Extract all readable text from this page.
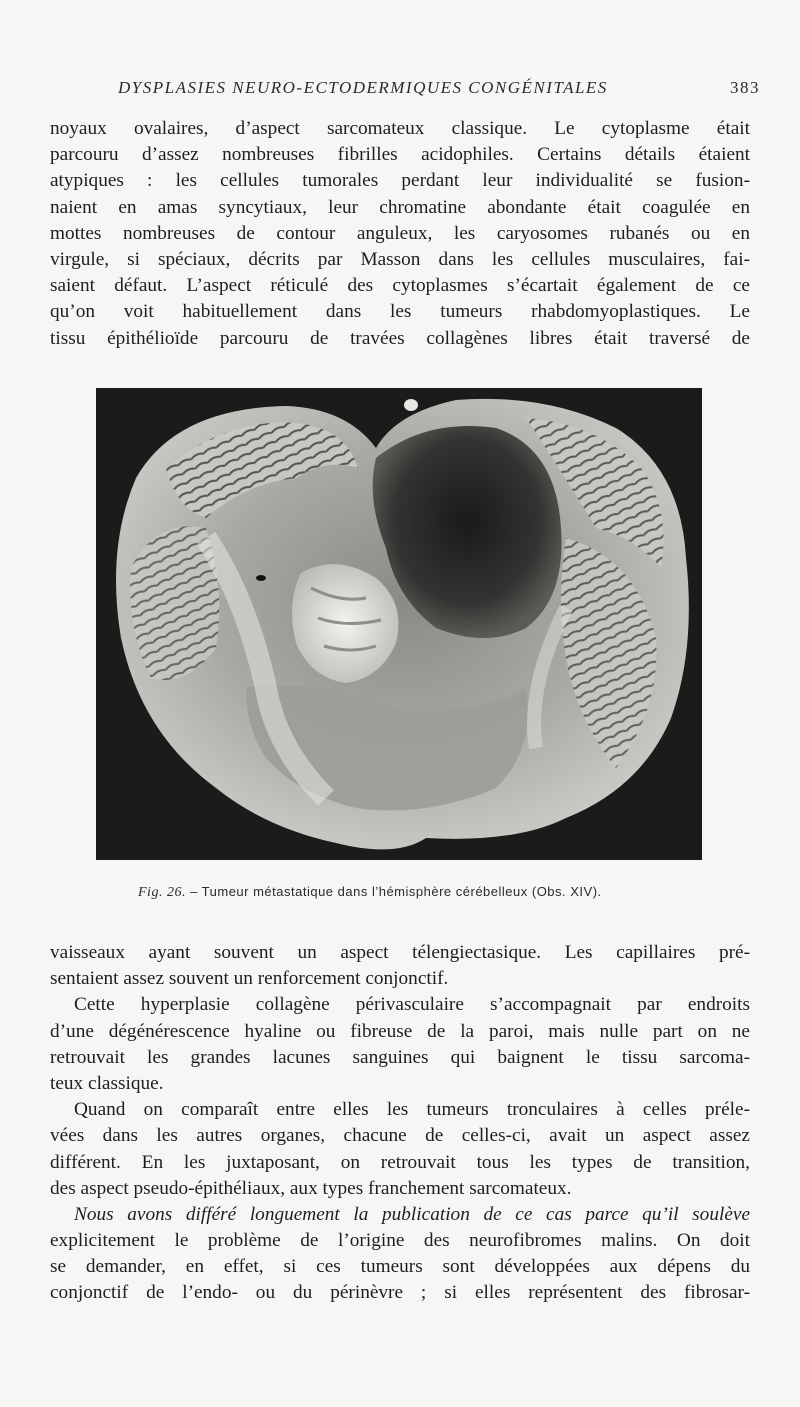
DYSPLASIES NEURO-ECTODERMIQUES CONGÉNITALES	383
noyaux ovalaires, d’aspect sarcomateux classique. Le cytoplasme était
parcouru d’assez nombreuses fibrilles acidophiles. Certains détails étaient
atypiques : les cellules tumorales perdant leur individualité se fusion-
naient en amas syncytiaux, leur chromatine abondante était coagulée en
mottes nombreuses de contour anguleux, les caryosomes rubanés ou en
virgule, si spéciaux, décrits par Masson dans les cellules musculaires, fai-
saient défaut. L’aspect réticulé des cytoplasmes s’écartait également de ce
qu’on voit habituellement dans les tumeurs rhabdomyoplastiques. Le
tissu épithélioïde parcouru de travées collagènes libres était traversé de
Fig. 26. – Tumeur métastatique dans l’hémisphère cérébelleux (Obs. XIV).
vaisseaux ayant souvent un aspect télengiectasique. Les capillaires pré-
sentaient assez souvent un renforcement conjonctif.
Cette hyperplasie collagène périvasculaire s’accompagnait par endroits
d’une dégénérescence hyaline ou fibreuse de la paroi, mais nulle part on ne
retrouvait les grandes lacunes sanguines qui baignent le tissu sarcoma-
teux classique.
Quand on comparaît entre elles les tumeurs tronculaires à celles préle-
vées dans les autres organes, chacune de celles-ci, avait un aspect assez
différent. En les juxtaposant, on retrouvait tous les types de transition,
des aspect pseudo-épithéliaux, aux types franchement sarcomateux.
Nous avons différé longuement la publication de ce cas parce qu’il soulève
explicitement le problème de l’origine des neurofibromes malins. On doit
se demander, en effet, si ces tumeurs sont développées aux dépens du
conjonctif de l’endo- ou du périnèvre ; si elles représentent des fibrosar-
